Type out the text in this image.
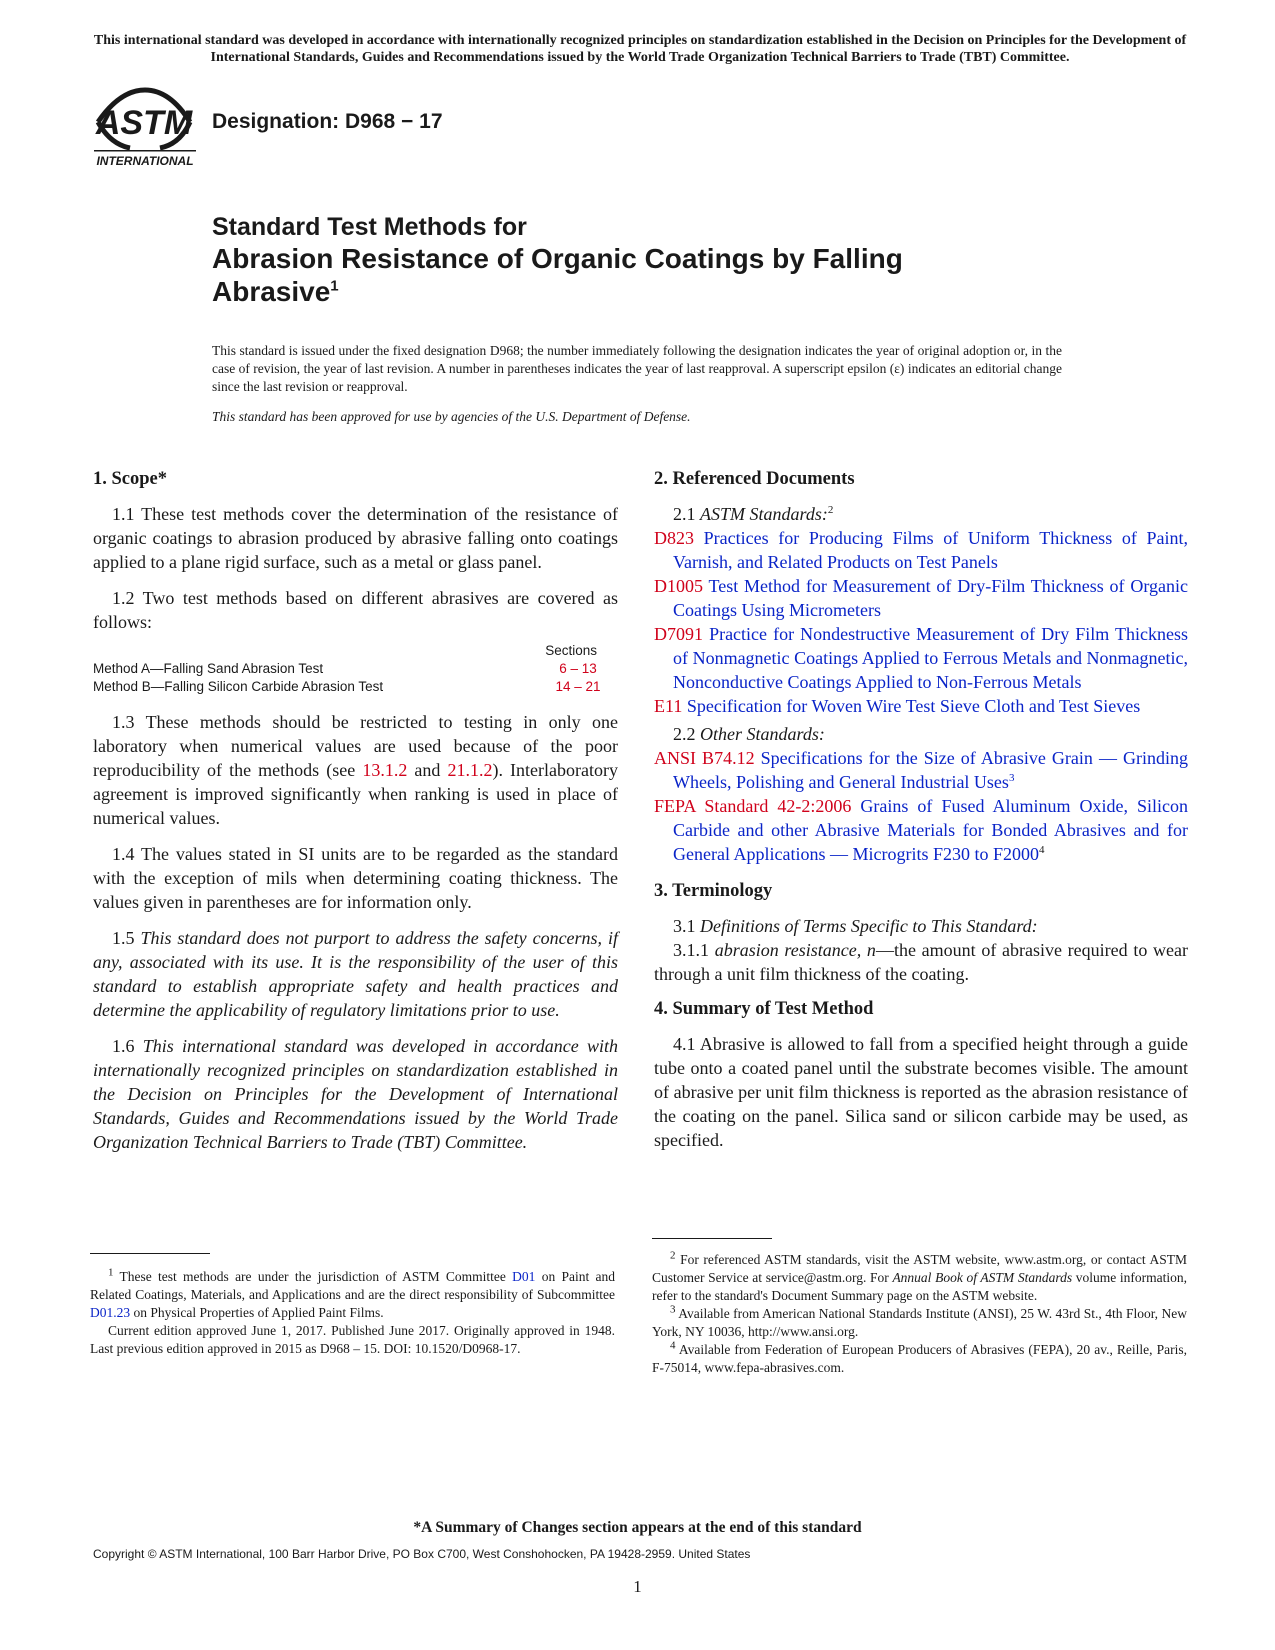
This international standard was developed in accordance with internationally recognized principles on standardization established in the Decision on Principles for the Development of International Standards, Guides and Recommendations issued by the World Trade Organization Technical Barriers to Trade (TBT) Committee.
ASTM
INTERNATIONAL
Designation: D968 − 17
Standard Test Methods for
Abrasion Resistance of Organic Coatings by Falling
Abrasive$^1$
This standard is issued under the fixed designation D968; the number immediately following the designation indicates the year of original adoption or, in the case of revision, the year of last revision. A number in parentheses indicates the year of last reapproval. A superscript epsilon (ε) indicates an editorial change since the last revision or reapproval.
This standard has been approved for use by agencies of the U.S. Department of Defense.
1. Scope*

1.1 These test methods cover the determination of the resistance of organic coatings to abrasion produced by abrasive falling onto coatings applied to a plane rigid surface, such as a metal or glass panel.

1.2 Two test methods based on different abrasives are covered as follows:

Sections
Method A—Falling Sand Abrasion Test	6 – 13
Method B—Falling Silicon Carbide Abrasion Test	14 – 21

1.3 These methods should be restricted to testing in only one laboratory when numerical values are used because of the poor reproducibility of the methods (see 13.1.2 and 21.1.2). Interlaboratory agreement is improved significantly when ranking is used in place of numerical values.

1.4 The values stated in SI units are to be regarded as the standard with the exception of mils when determining coating thickness. The values given in parentheses are for information only.

1.5 This standard does not purport to address the safety concerns, if any, associated with its use. It is the responsibility of the user of this standard to establish appropriate safety and health practices and determine the applicability of regulatory limitations prior to use.

1.6 This international standard was developed in accordance with internationally recognized principles on standardization established in the Decision on Principles for the Development of International Standards, Guides and Recommendations issued by the World Trade Organization Technical Barriers to Trade (TBT) Committee.

$^1$ These test methods are under the jurisdiction of ASTM Committee D01 on Paint and Related Coatings, Materials, and Applications and are the direct responsibility of Subcommittee D01.23 on Physical Properties of Applied Paint Films.

Current edition approved June 1, 2017. Published June 2017. Originally approved in 1948. Last previous edition approved in 2015 as D968 – 15. DOI: 10.1520/D0968-17.

2. Referenced Documents

2.1 ASTM Standards:$^2$

D823 Practices for Producing Films of Uniform Thickness of Paint, Varnish, and Related Products on Test Panels

D1005 Test Method for Measurement of Dry-Film Thickness of Organic Coatings Using Micrometers

D7091 Practice for Nondestructive Measurement of Dry Film Thickness of Nonmagnetic Coatings Applied to Ferrous Metals and Nonmagnetic, Nonconductive Coatings Applied to Non-Ferrous Metals

E11 Specification for Woven Wire Test Sieve Cloth and Test Sieves

2.2 Other Standards:

ANSI B74.12 Specifications for the Size of Abrasive Grain — Grinding Wheels, Polishing and General Industrial Uses$^3$

FEPA Standard 42-2:2006 Grains of Fused Aluminum Oxide, Silicon Carbide and other Abrasive Materials for Bonded Abrasives and for General Applications — Microgrits F230 to F2000$^4$

3. Terminology

3.1 Definitions of Terms Specific to This Standard:

3.1.1 abrasion resistance, n—the amount of abrasive required to wear through a unit film thickness of the coating.

4. Summary of Test Method

4.1 Abrasive is allowed to fall from a specified height through a guide tube onto a coated panel until the substrate becomes visible. The amount of abrasive per unit film thickness is reported as the abrasion resistance of the coating on the panel. Silica sand or silicon carbide may be used, as specified.

$^2$ For referenced ASTM standards, visit the ASTM website, www.astm.org, or contact ASTM Customer Service at service@astm.org. For Annual Book of ASTM Standards volume information, refer to the standard's Document Summary page on the ASTM website.

$^3$ Available from American National Standards Institute (ANSI), 25 W. 43rd St., 4th Floor, New York, NY 10036, http://www.ansi.org.

$^4$ Available from Federation of European Producers of Abrasives (FEPA), 20 av., Reille, Paris, F-75014, www.fepa-abrasives.com.

*A Summary of Changes section appears at the end of this standard
Copyright © ASTM International, 100 Barr Harbor Drive, PO Box C700, West Conshohocken, PA 19428-2959. United States
1
